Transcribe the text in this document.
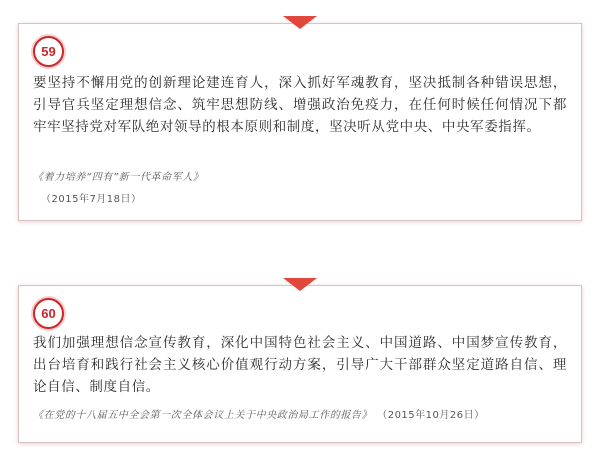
59

要坚持不懈用党的创新理论建连育人，深入抓好军魂教育，坚决抵制各种错误思想，引导官兵坚定理想信念、筑牢思想防线、增强政治免疫力，在任何时候任何情况下都牢牢坚持党对军队绝对领导的根本原则和制度，坚决听从党中央、中央军委指挥。

《着力培养“四有”新一代革命军人》
（2015年7月18日）
60

我们加强理想信念宣传教育，深化中国特色社会主义、中国道路、中国梦宣传教育，出台培育和践行社会主义核心价值观行动方案，引导广大干部群众坚定道路自信、理论自信、制度自信。

《在党的十八届五中全会第一次全体会议上关于中央政治局工作的报告》 （2015年10月26日）
